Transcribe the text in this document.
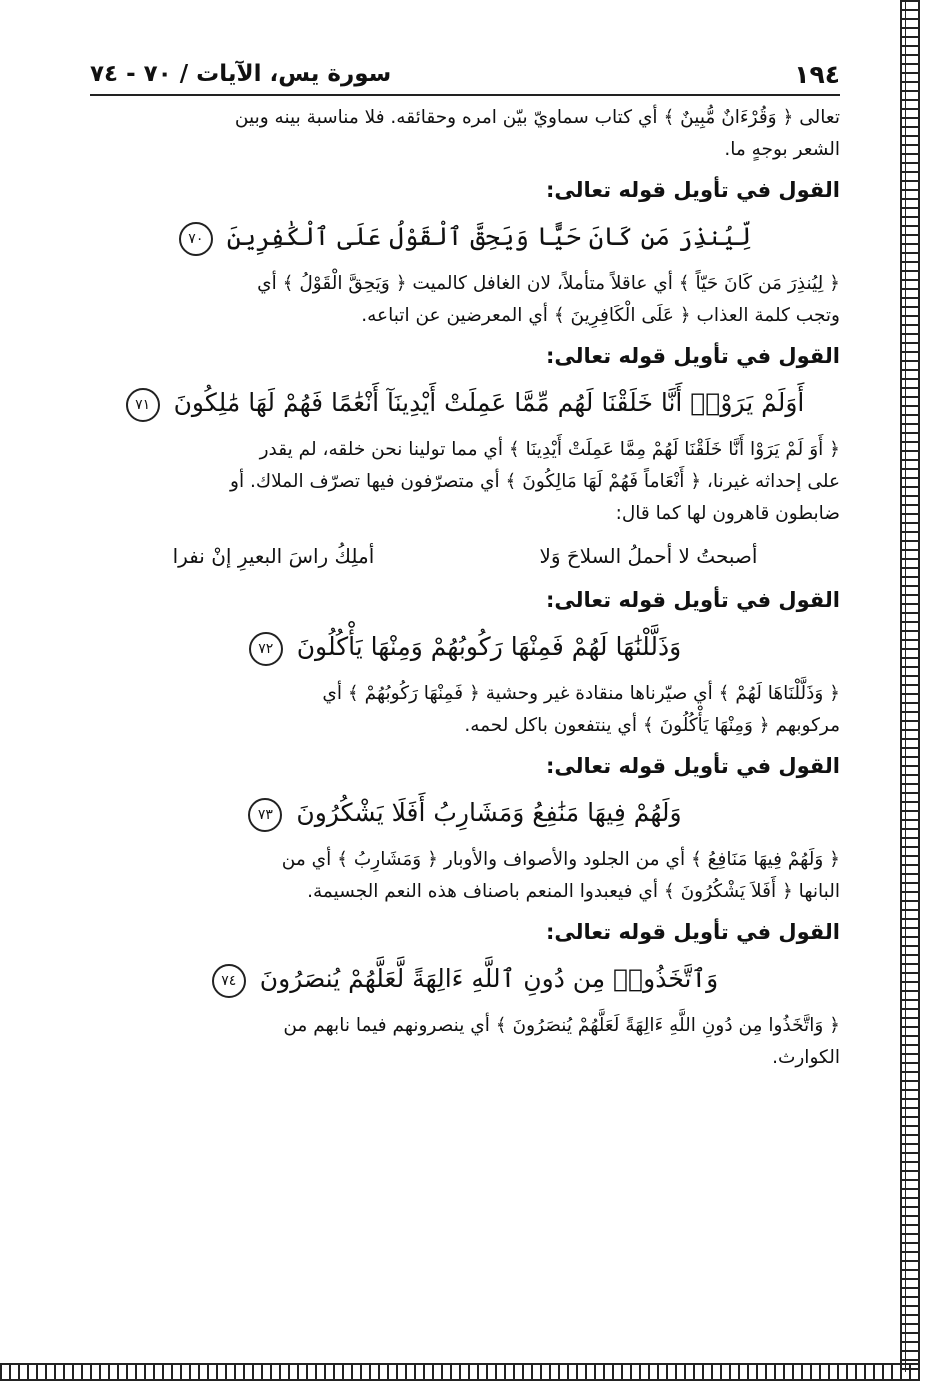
١٩٤
سورة يس، الآيات / ٧٠ - ٧٤

تعالى ﴿ وَقُرْءَانٌ مُّبِينٌ ﴾ أي كتاب سماويّ بيّن امره وحقائقه. فلا مناسبة بينه وبين

الشعر بوجهٍ ما.

القول في تأويل قوله تعالى:
لِّيُنذِرَ مَن كَانَ حَيًّا وَيَحِقَّ ٱلْقَوْلُ عَلَى ٱلْكَٰفِرِينَ ٧٠

﴿ لِيُنذِرَ مَن كَانَ حَيّاً ﴾ أي عاقلاً متأملاً، لان الغافل كالميت ﴿ وَيَحِقَّ الْقَوْلُ ﴾ أي

وتجب كلمة العذاب ﴿ عَلَى الْكَافِرِينَ ﴾ أي المعرضين عن اتباعه.

القول في تأويل قوله تعالى:
أَوَلَمْ يَرَوْا۟ أَنَّا خَلَقْنَا لَهُم مِّمَّا عَمِلَتْ أَيْدِينَآ أَنْعَٰمًا فَهُمْ لَهَا مَٰلِكُونَ ٧١

﴿ أَوَ لَمْ يَرَوْا أَنَّا خَلَقْنَا لَهُمْ مِمَّا عَمِلَتْ أَيْدِينَا ﴾ أي مما تولينا نحن خلقه، لم يقدر

على إحداثه غيرنا، ﴿ أَنْعَاماً فَهُمْ لَهَا مَالِكُونَ ﴾ أي متصرّفون فيها تصرّف الملاك. أو

ضابطون قاهرون لها كما قال:

أصبحتُ لا أحملُ السلاحَ وَلا
أملِكُ راسَ البعيرِ إنْ نفرا
القول في تأويل قوله تعالى:
وَذَلَّلْنَٰهَا لَهُمْ فَمِنْهَا رَكُوبُهُمْ وَمِنْهَا يَأْكُلُونَ ٧٢

﴿ وَذَلَّلْنَاهَا لَهُمْ ﴾ أي صيّرناها منقادة غير وحشية ﴿ فَمِنْهَا رَكُوبُهُمْ ﴾ أي

مركوبهم ﴿ وَمِنْهَا يَأْكُلُونَ ﴾ أي ينتفعون باكل لحمه.

القول في تأويل قوله تعالى:
وَلَهُمْ فِيهَا مَنَٰفِعُ وَمَشَارِبُ أَفَلَا يَشْكُرُونَ ٧٣

﴿ وَلَهُمْ فِيهَا مَنَافِعُ ﴾ أي من الجلود والأصواف والأوبار ﴿ وَمَشَارِبُ ﴾ أي من

البانها ﴿ أَفَلاَ يَشْكُرُونَ ﴾ أي فيعبدوا المنعم باصناف هذه النعم الجسيمة.

القول في تأويل قوله تعالى:
وَٱتَّخَذُوا۟ مِن دُونِ ٱللَّهِ ءَالِهَةً لَّعَلَّهُمْ يُنصَرُونَ ٧٤

﴿ وَاتَّخَذُوا مِن دُونِ اللَّهِ ءَالِهَةً لَعَلَّهُمْ يُنصَرُونَ ﴾ أي ينصرونهم فيما نابهم من

الكوارث.
